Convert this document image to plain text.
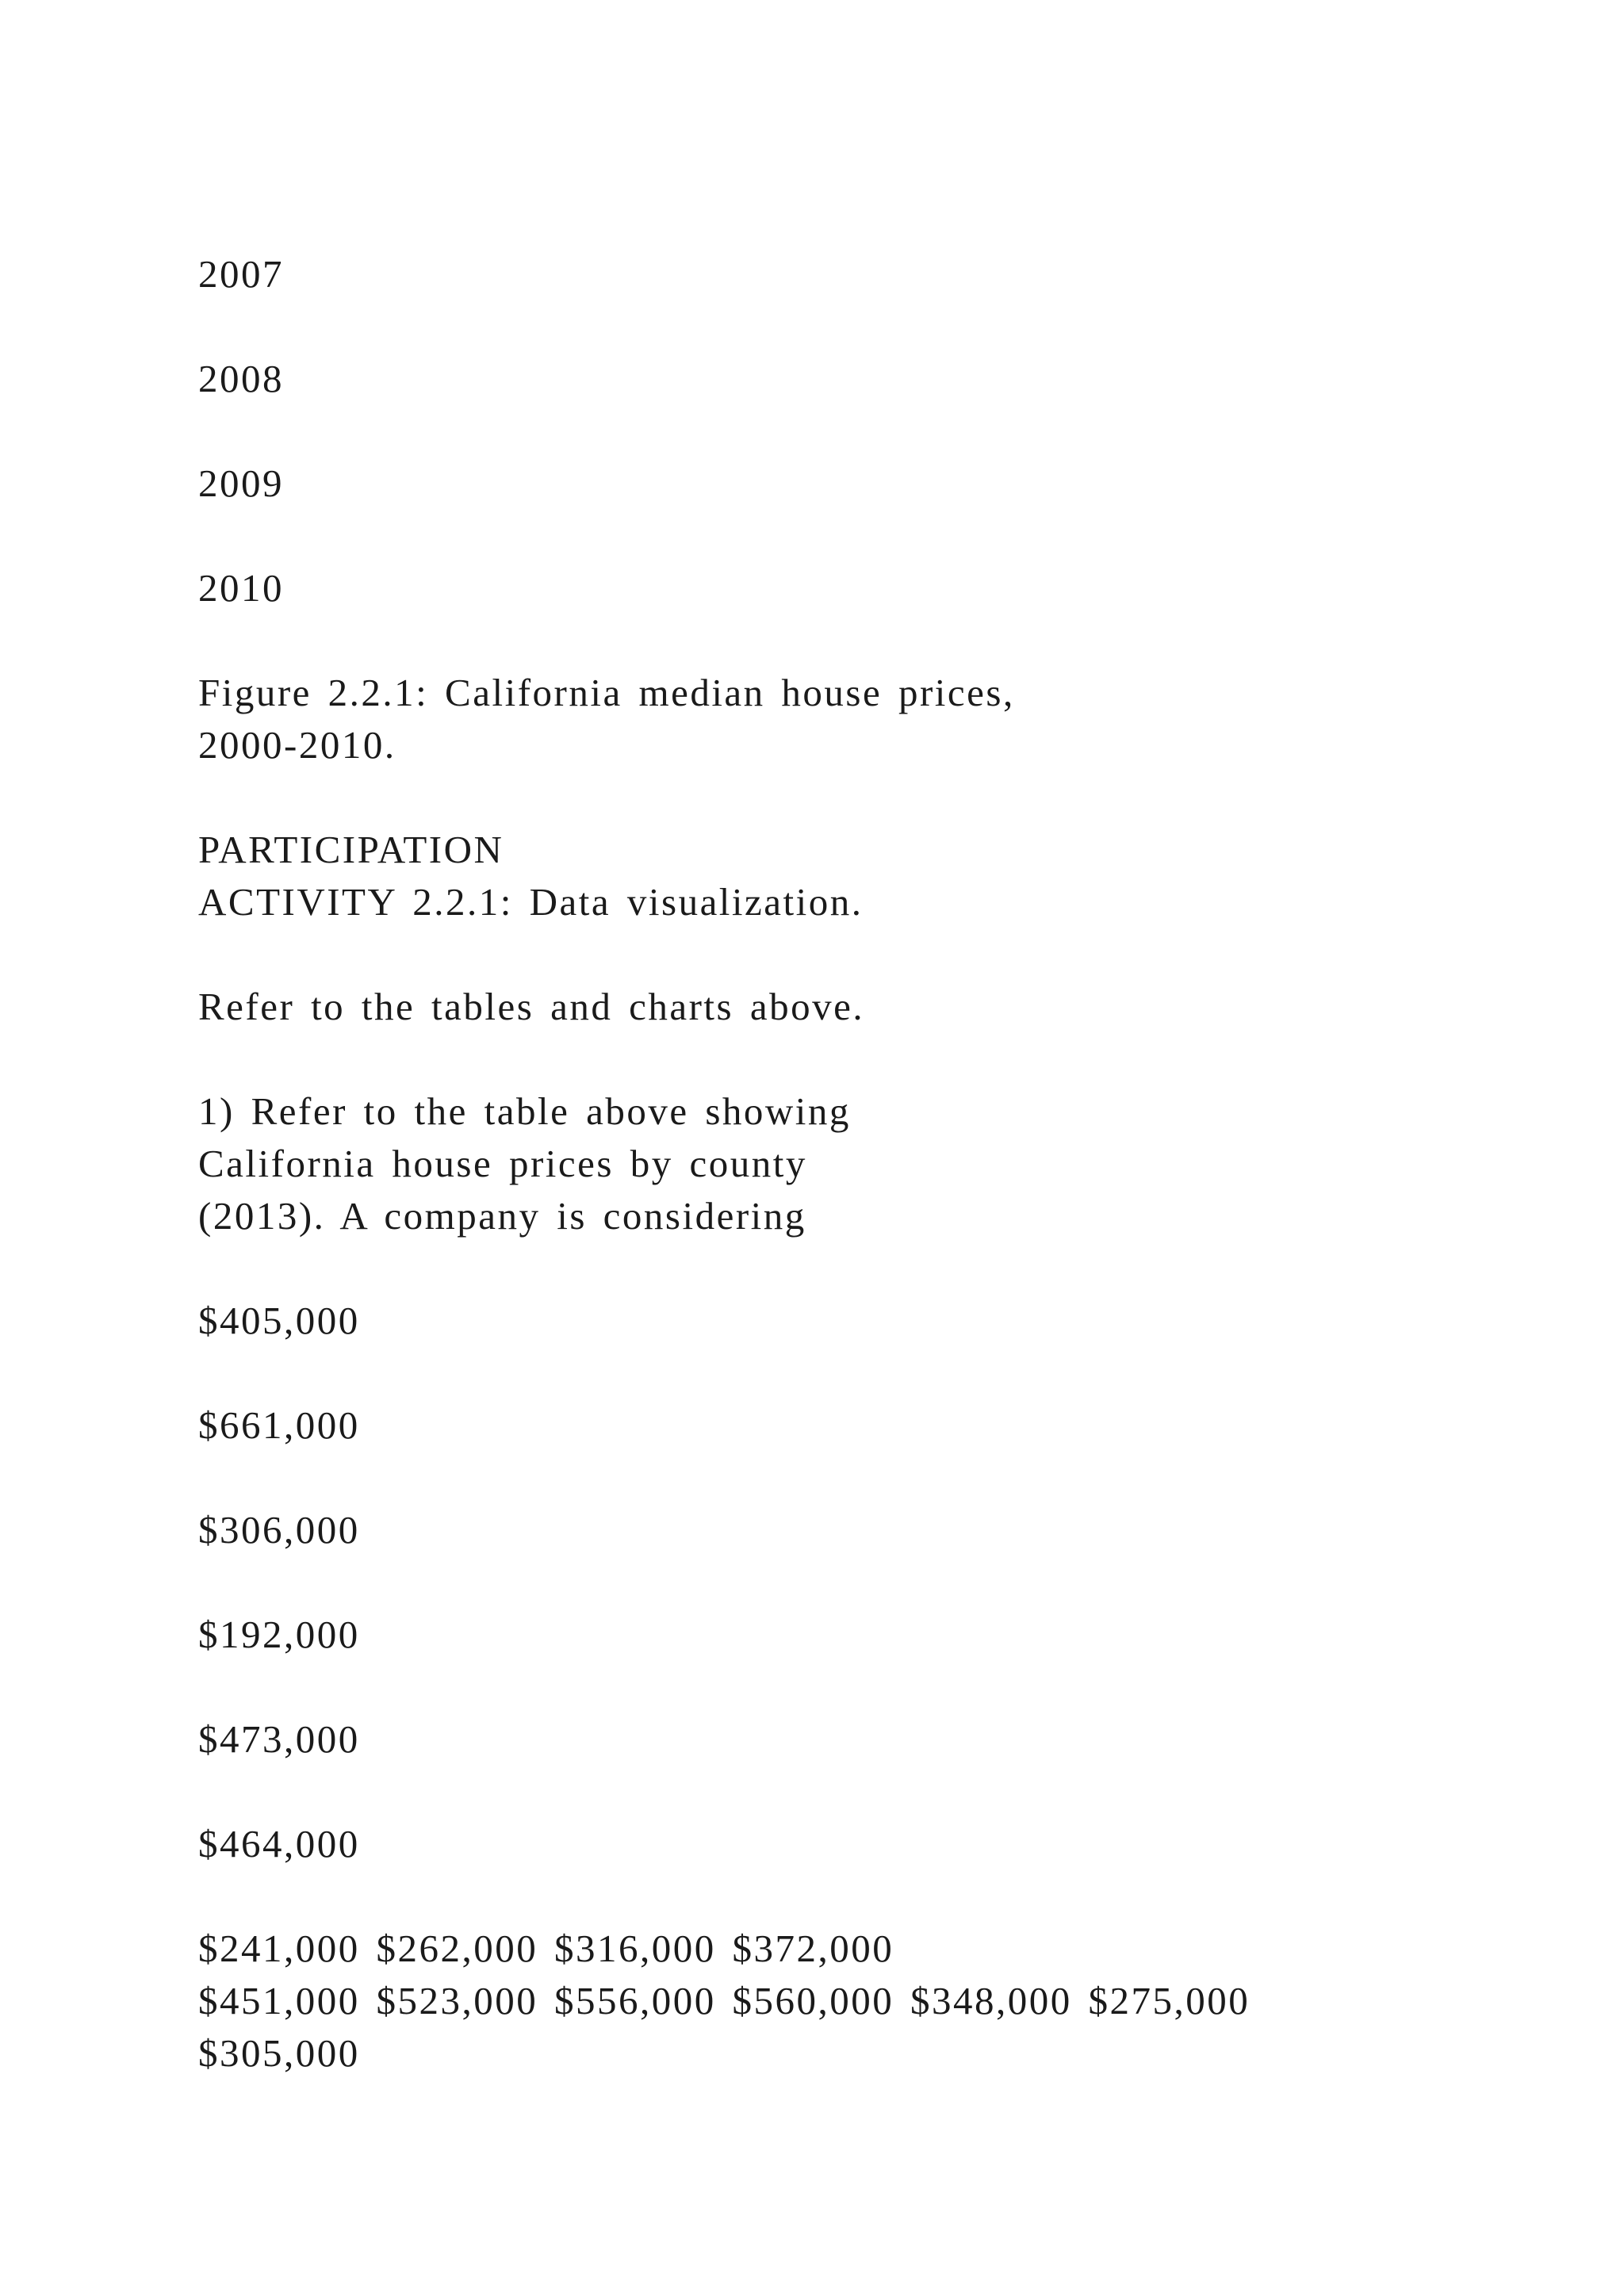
2007
2008
2009
2010
Figure 2.2.1: California median house prices,
2000-2010.
PARTICIPATION
ACTIVITY 2.2.1: Data visualization.
Refer to the tables and charts above.
1) Refer to the table above showing
California house prices by county
(2013). A company is considering
$405,000
$661,000
$306,000
$192,000
$473,000
$464,000
$241,000 $262,000 $316,000 $372,000
$451,000 $523,000 $556,000 $560,000 $348,000 $275,000
$305,000
